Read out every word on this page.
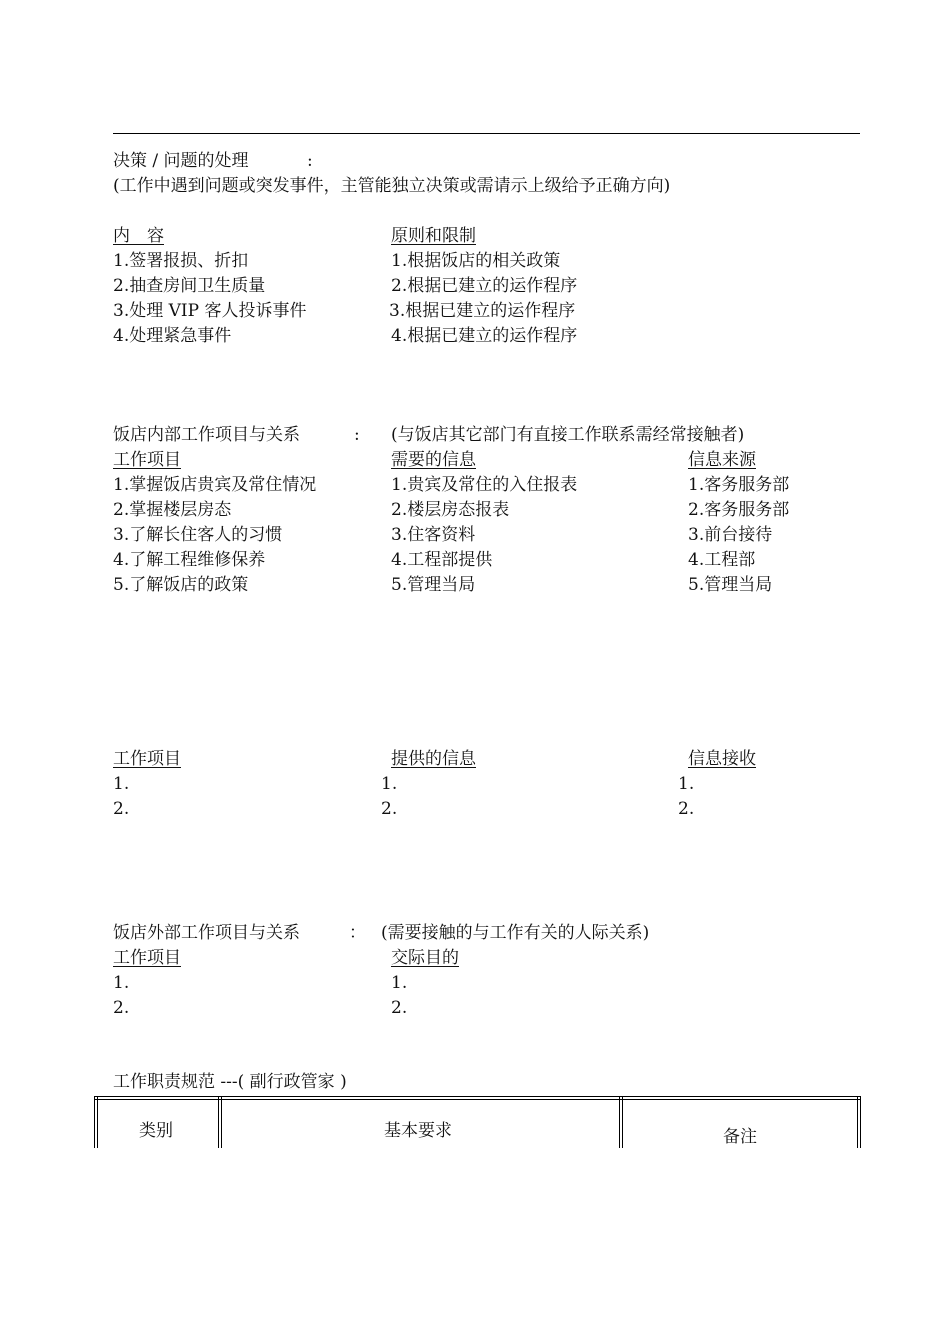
决策 / 问题的处理	:
(工作中遇到问题或突发事件，主管能独立决策或需请示上级给予正确方向)
内　容	原则和限制
1.签署报损、折扣	1.根据饭店的相关政策
2.抽查房间卫生质量	2.根据已建立的运作程序
3.处理 VIP 客人投诉事件	3.根据已建立的运作程序
4.处理紧急事件	4.根据已建立的运作程序
饭店内部工作项目与关系	: (与饭店其它部门有直接工作联系需经常接触者)
工作项目	需要的信息	信息来源
1.掌握饭店贵宾及常住情况	1.贵宾及常住的入住报表	1.客务服务部
2.掌握楼层房态	2.楼层房态报表	2.客务服务部
3.了解长住客人的习惯	3.住客资料	3.前台接待
4.了解工程维修保养	4.工程部提供	4.工程部
5.了解饭店的政策	5.管理当局	5.管理当局
工作项目	提供的信息	信息接收
1.	1.	1.
2.	2.	2.
饭店外部工作项目与关系	： (需要接触的与工作有关的人际关系)
工作项目	交际目的
1.	1.
2.	2.
工作职责规范 ---( 副行政管家 )
类别	基本要求	备注
